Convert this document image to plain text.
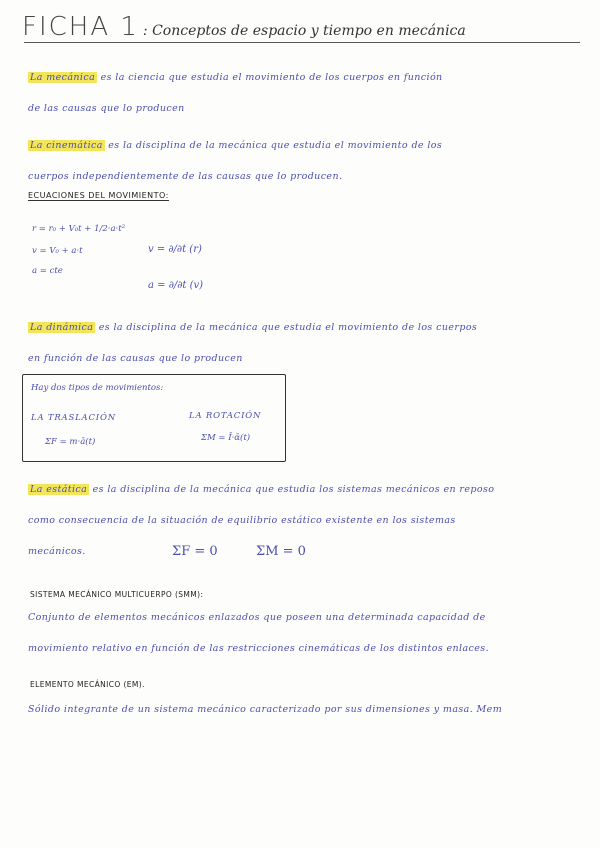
FICHA 1 : Conceptos de espacio y tiempo en mecánica
La mecánica es la ciencia que estudia el movimiento de los cuerpos en función
de las causas que lo producen
La cinemática es la disciplina de la mecánica que estudia el movimiento de los
cuerpos independientemente de las causas que lo producen.
ECUACIONES DEL MOVIMIENTO:
r = r₀ + V₀t + 1/2·a·t²
v = V₀ + a·t
a = cte
v = ∂/∂t (r)
a = ∂/∂t (v)
La dinámica es la disciplina de la mecánica que estudia el movimiento de los cuerpos
en función de las causas que lo producen
Hay dos tipos de movimientos:
LA TRASLACIÓN	LA ROTACIÓN
ΣF = m·ā(t)	ΣM = Ī·ᾱ(t)
La estática es la disciplina de la mecánica que estudia los sistemas mecánicos en reposo
como consecuencia de la situación de equilibrio estático existente en los sistemas
mecánicos.	ΣF = 0	ΣM = 0
SISTEMA MECÁNICO MULTICUERPO (SMM):
Conjunto de elementos mecánicos enlazados que poseen una determinada capacidad de
movimiento relativo en función de las restricciones cinemáticas de los distintos enlaces.
ELEMENTO MECÁNICO (EM).
Sólido integrante de un sistema mecánico caracterizado por sus dimensiones y masa. Mem
